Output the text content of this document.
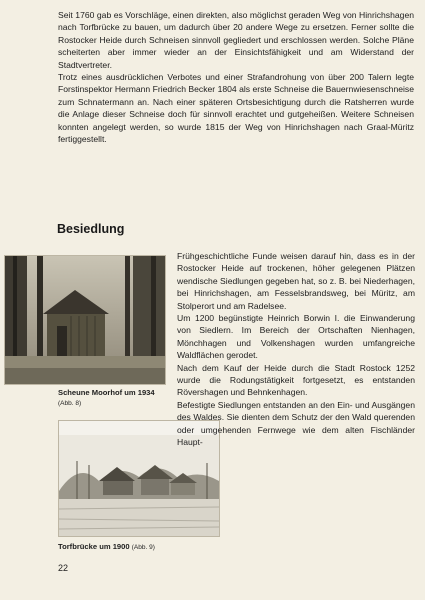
Seit 1760 gab es Vorschläge, einen direkten, also möglichst geraden Weg von Hinrichshagen nach Torfbrücke zu bauen, um dadurch über 20 andere Wege zu ersetzen. Ferner sollte die Rostocker Heide durch Schneisen sinnvoll gegliedert und erschlossen werden. Solche Pläne scheiterten aber immer wieder an der Einsichtsfähigkeit und am Widerstand der Stadtvertreter.

Trotz eines ausdrücklichen Verbotes und einer Strafandrohung von über 200 Talern legte Forstinspektor Hermann Friedrich Becker 1804 als erste Schneise die Bauernwiesenschneise zum Schnatermann an. Nach einer späteren Ortsbesichtigung durch die Ratsherren wurde die Anlage dieser Schneise doch für sinnvoll erachtet und gutgeheißen. Weitere Schneisen konnten angelegt werden, so wurde 1815 der Weg von Hinrichshagen nach Graal-Müritz fertiggestellt.

Besiedlung
Scheune Moorhof um 1934 (Abb. 8)
Torfbrücke um 1900 (Abb. 9)

Frühgeschichtliche Funde weisen darauf hin, dass es in der Rostocker Heide auf trockenen, höher gelegenen Plätzen wendische Siedlungen gegeben hat, so z. B. bei Niederhagen, bei Hinrichshagen, am Fesselsbrandsweg, bei Müritz, am Stolperort und am Radelsee.

Um 1200 begünstigte Heinrich Borwin I. die Einwanderung von Siedlern. Im Bereich der Ortschaften Nienhagen, Mönchhagen und Volkenshagen wurden umfangreiche Waldflächen gerodet.

Nach dem Kauf der Heide durch die Stadt Rostock 1252 wurde die Rodungstätigkeit fortgesetzt, es entstanden Rövershagen und Behnkenhagen.

Befestigte Siedlungen entstanden an den Ein- und Ausgängen des Waldes. Sie dienten dem Schutz der den Wald querenden oder umgehenden Fernwege wie dem alten Fischländer Haupt-

22
